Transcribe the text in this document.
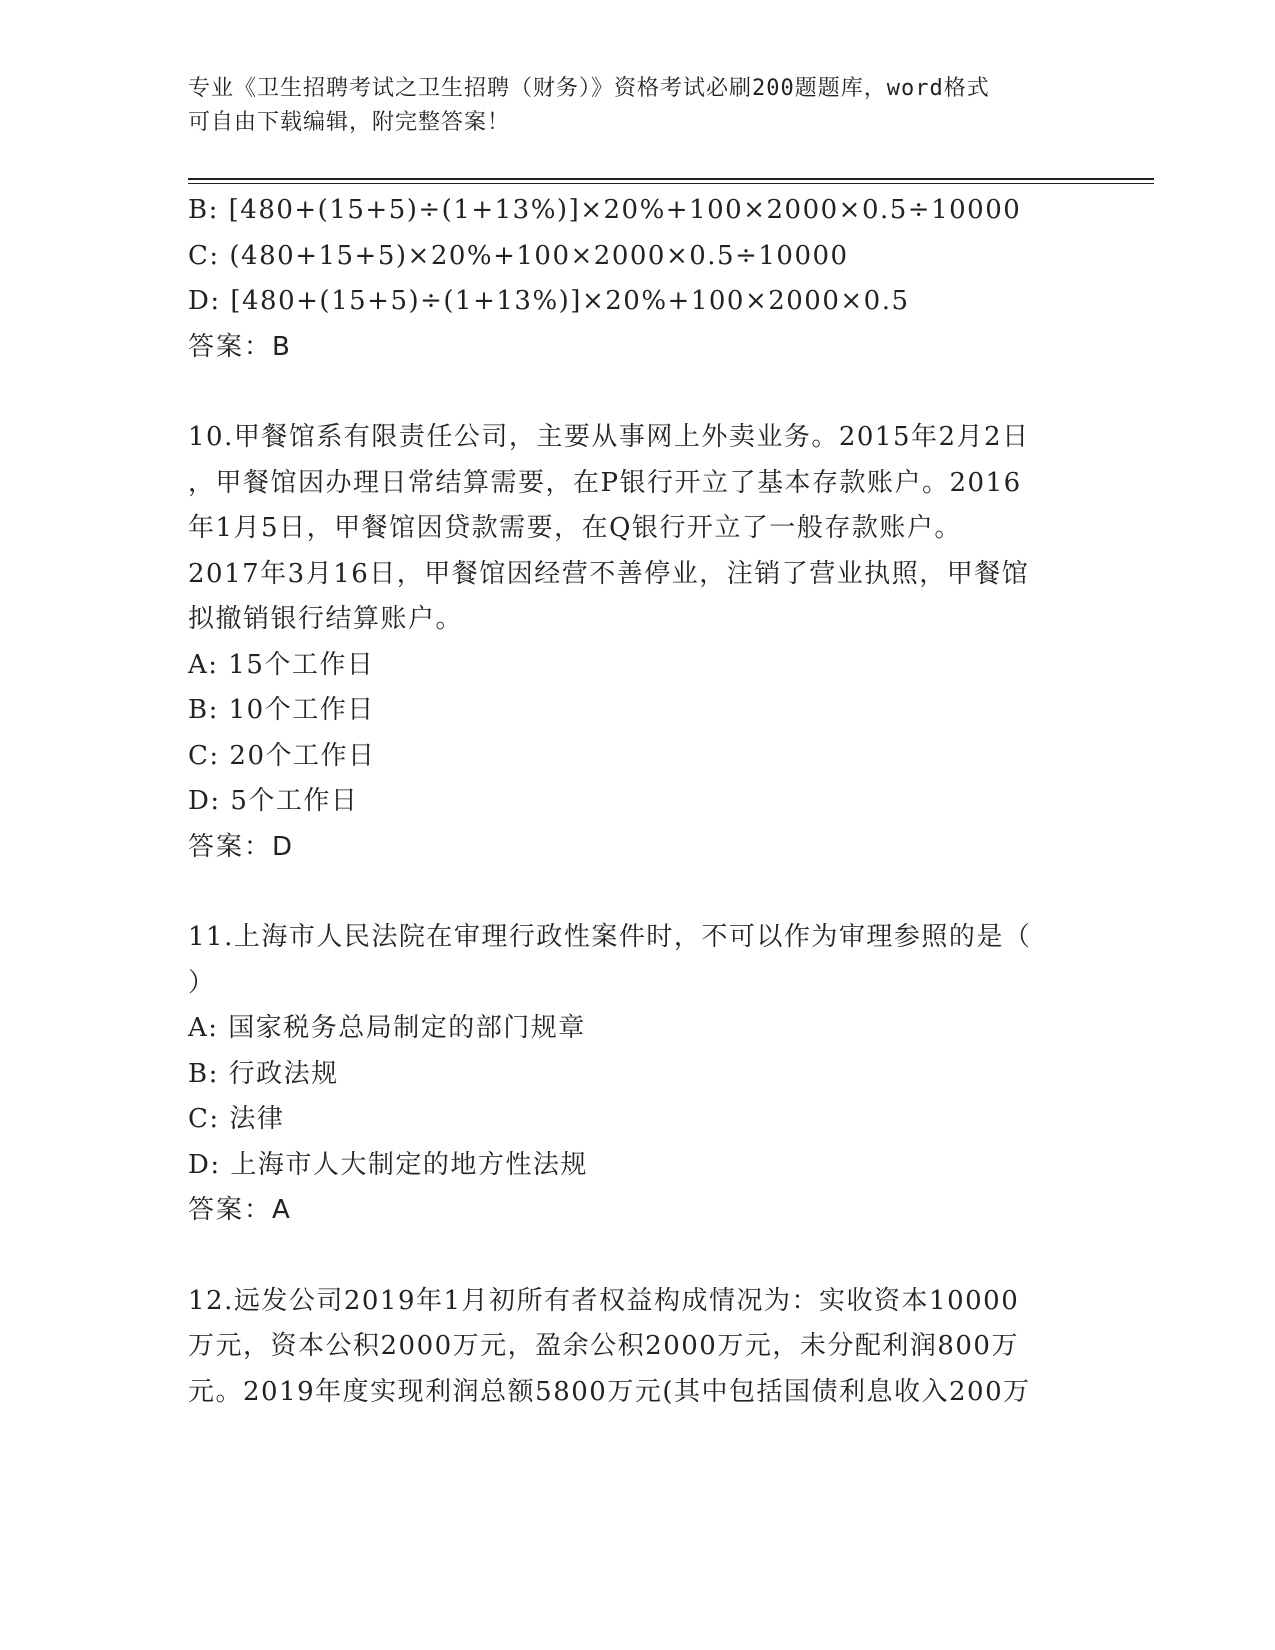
专业《卫生招聘考试之卫生招聘（财务）》资格考试必刷200题题库，word格式
可自由下载编辑，附完整答案！
B: [480+(15+5)÷(1+13%)]×20%+100×2000×0.5÷10000
C: (480+15+5)×20%+100×2000×0.5÷10000
D: [480+(15+5)÷(1+13%)]×20%+100×2000×0.5
答案：B
10.甲餐馆系有限责任公司，主要从事网上外卖业务。2015年2月2日
，甲餐馆因办理日常结算需要，在P银行开立了基本存款账户。2016
年1月5日，甲餐馆因贷款需要，在Q银行开立了一般存款账户。
2017年3月16日，甲餐馆因经营不善停业，注销了营业执照，甲餐馆
拟撤销银行结算账户。
A: 15个工作日
B: 10个工作日
C: 20个工作日
D: 5个工作日
答案：D
11.上海市人民法院在审理行政性案件时，不可以作为审理参照的是（
）
A: 国家税务总局制定的部门规章
B: 行政法规
C: 法律
D: 上海市人大制定的地方性法规
答案：A
12.远发公司2019年1月初所有者权益构成情况为：实收资本10000
万元，资本公积2000万元，盈余公积2000万元，未分配利润800万
元。2019年度实现利润总额5800万元(其中包括国债利息收入200万
